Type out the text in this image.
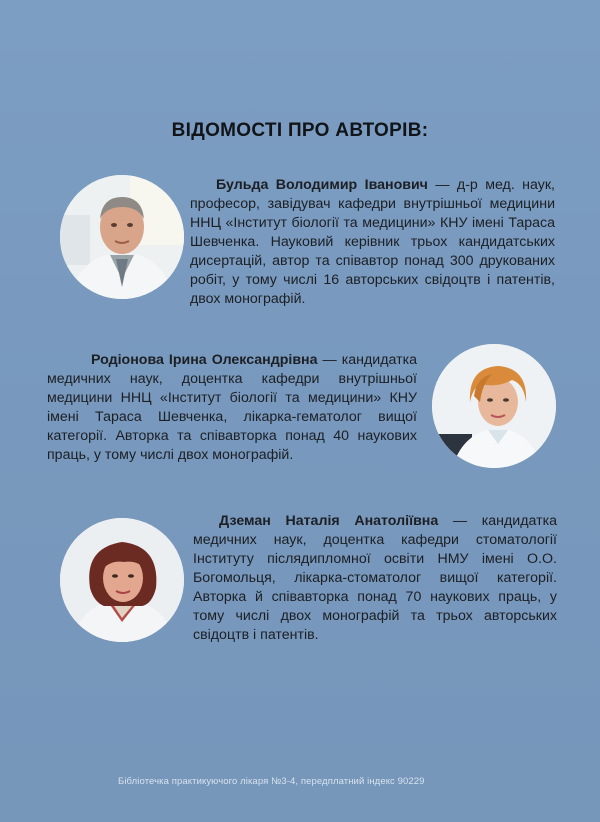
ВІДОМОСТІ ПРО АВТОРІВ:

Бульда Володимир Іванович — д-р мед. наук, професор, завідувач кафедри внутрішньої медицини ННЦ «Інститут біології та медицини» КНУ імені Тараса Шевченка. Науковий керівник трьох кандидатських дисертацій, автор та співавтор понад 300 друкованих робіт, у тому числі 16 авторських свідоцтв і патентів, двох монографій.

Родіонова Ірина Олександрівна — кандидатка медичних наук, доцентка кафедри внутрішньої медицини ННЦ «Інститут біології та медицини» КНУ імені Тараса Шевченка, лікарка-гематолог вищої категорії. Авторка та співавторка понад 40 наукових праць, у тому числі двох монографій.

Дземан Наталія Анатоліївна — кандидатка медичних наук, доцентка кафедри стоматології Інституту післядипломної освіти НМУ імені О.О. Богомольця, лікарка-стоматолог вищої категорії. Авторка й співавторка понад 70 наукових праць, у тому числі двох монографій та трьох авторських свідоцтв і патентів.

Бібліотечка практикуючого лікаря №3-4, передплатний індекс 90229
